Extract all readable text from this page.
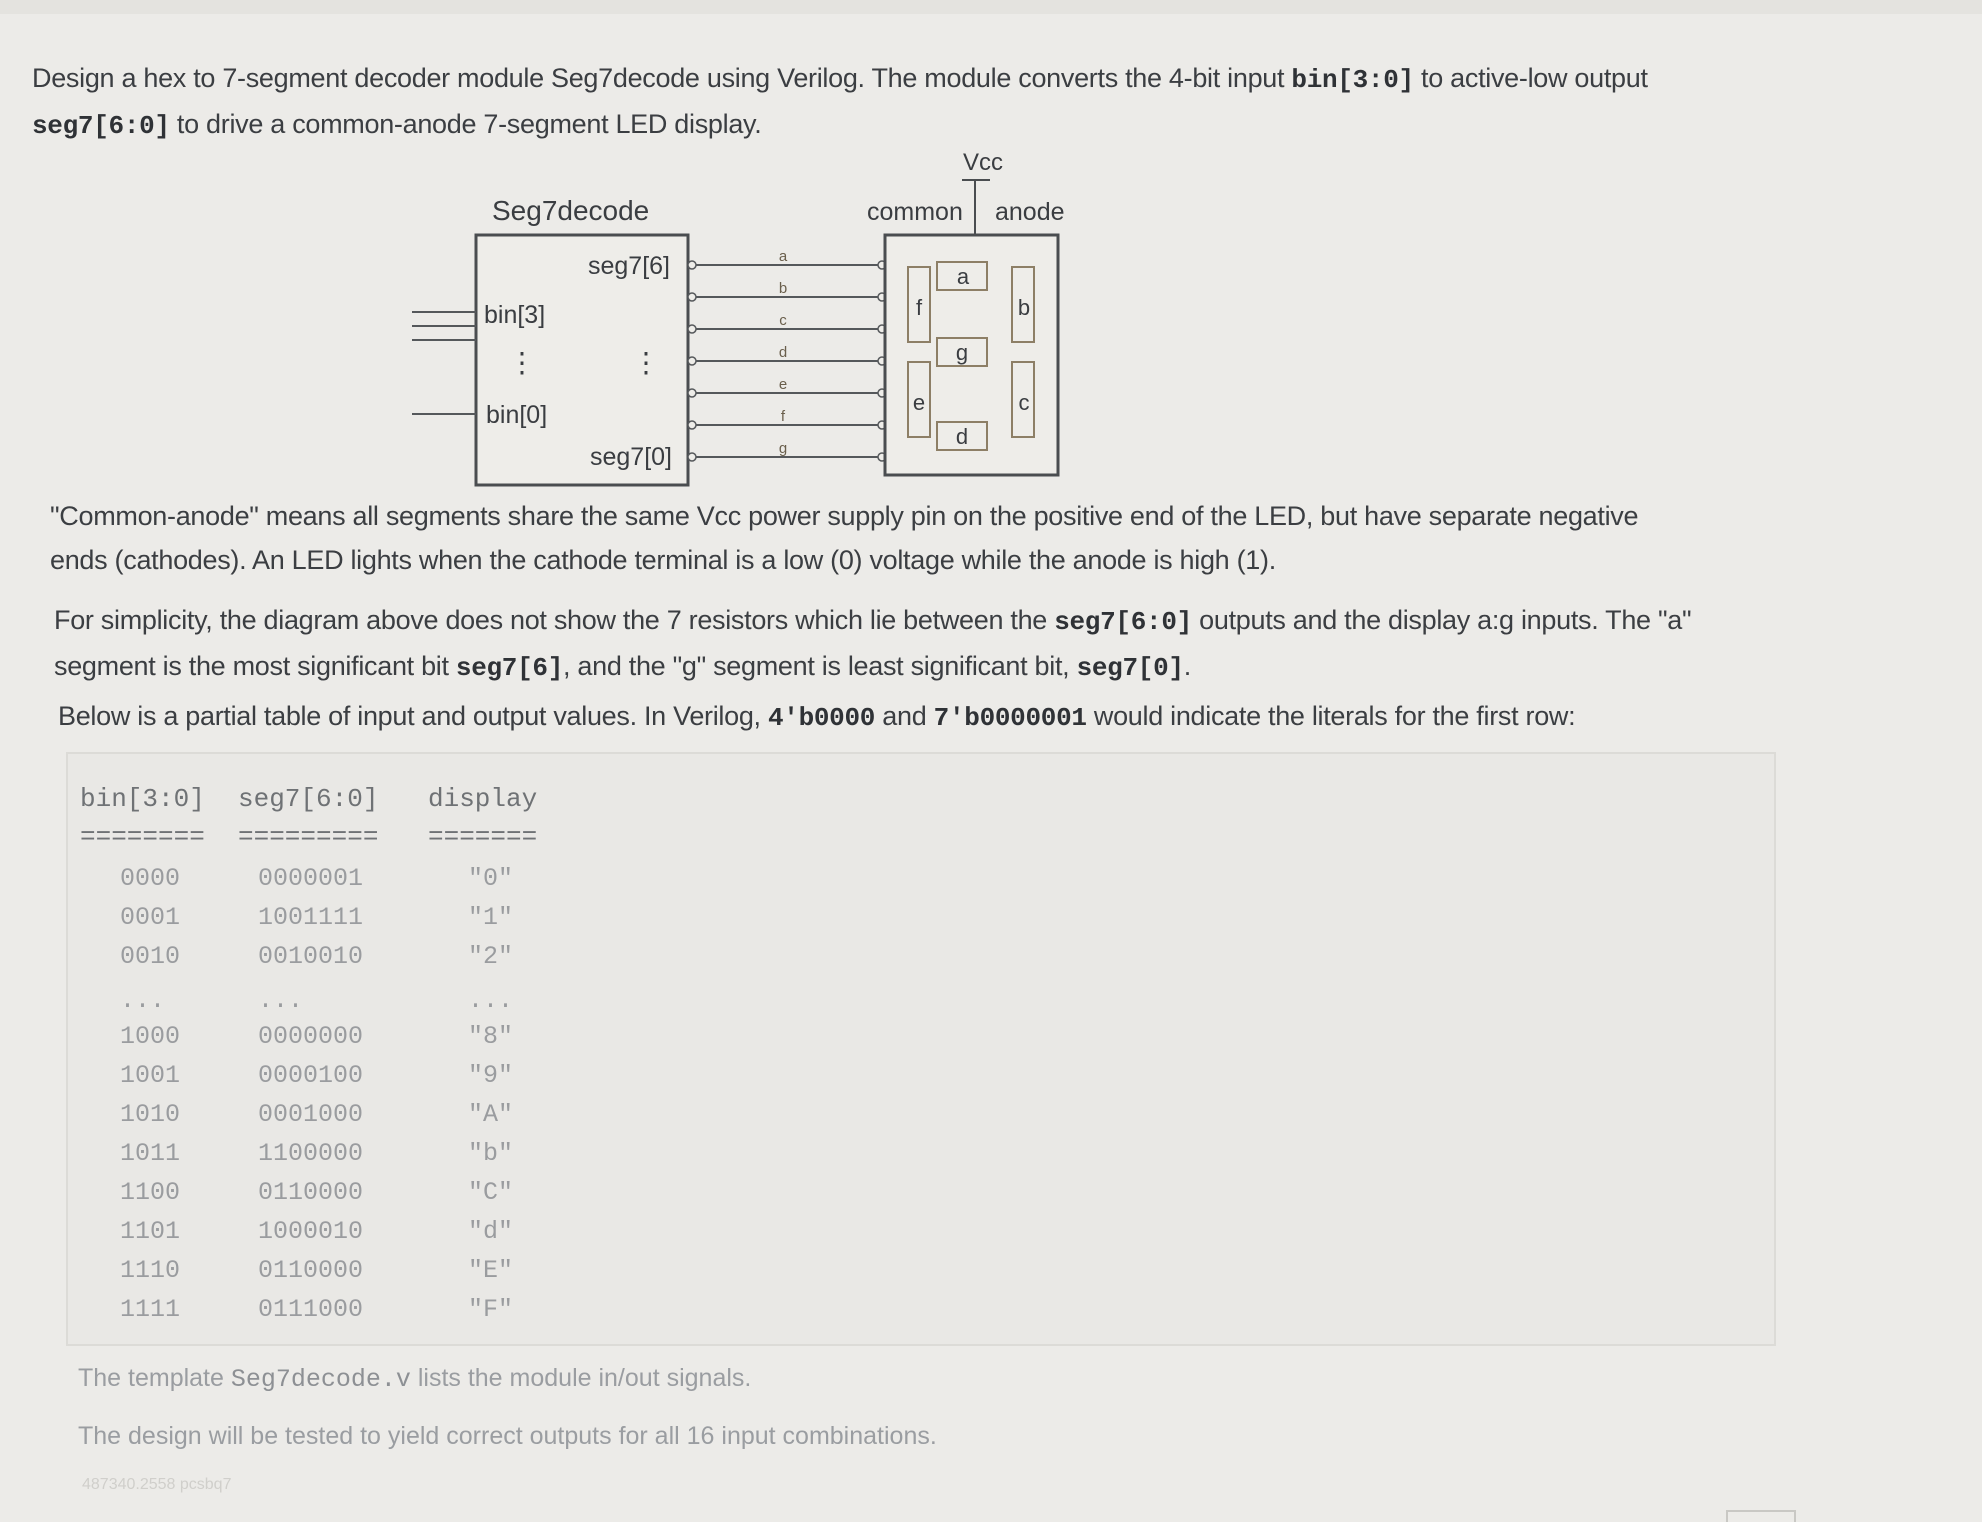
Design a hex to 7-segment decoder module Seg7decode using Verilog. The module converts the 4-bit input bin[3:0] to active-low output
seg7[6:0] to drive a common-anode 7-segment LED display.
Seg7decode
bin[3]
⋮
bin[0]
seg7[6]
⋮
seg7[0]
a
b
c
d
e
f
g
Vcc
common anode
a
b
f
g
e	c
d
"Common-anode" means all segments share the same Vcc power supply pin on the positive end of the LED, but have separate negative
ends (cathodes). An LED lights when the cathode terminal is a low (0) voltage while the anode is high (1).
For simplicity, the diagram above does not show the 7 resistors which lie between the seg7[6:0] outputs and the display a:g inputs. The "a"
segment is the most significant bit seg7[6], and the "g" segment is least significant bit, seg7[0].
Below is a partial table of input and output values. In Verilog, 4'b0000 and 7'b0000001 would indicate the literals for the first row:
bin[3:0] seg7[6:0] display
======== ========= =======
0000	0000001	"0"
0001	1001111	"1"
0010	0010010	"2"
...	...	...
1000	0000000	"8"
1001	0000100	"9"
1010	0001000	"A"
1011	1100000	"b"
1100	0110000	"C"
1101	1000010	"d"
1110	0110000	"E"
1111	0111000	"F"
The template Seg7decode.v lists the module in/out signals.
The design will be tested to yield correct outputs for all 16 input combinations.
487340.2558 pcsbq7
